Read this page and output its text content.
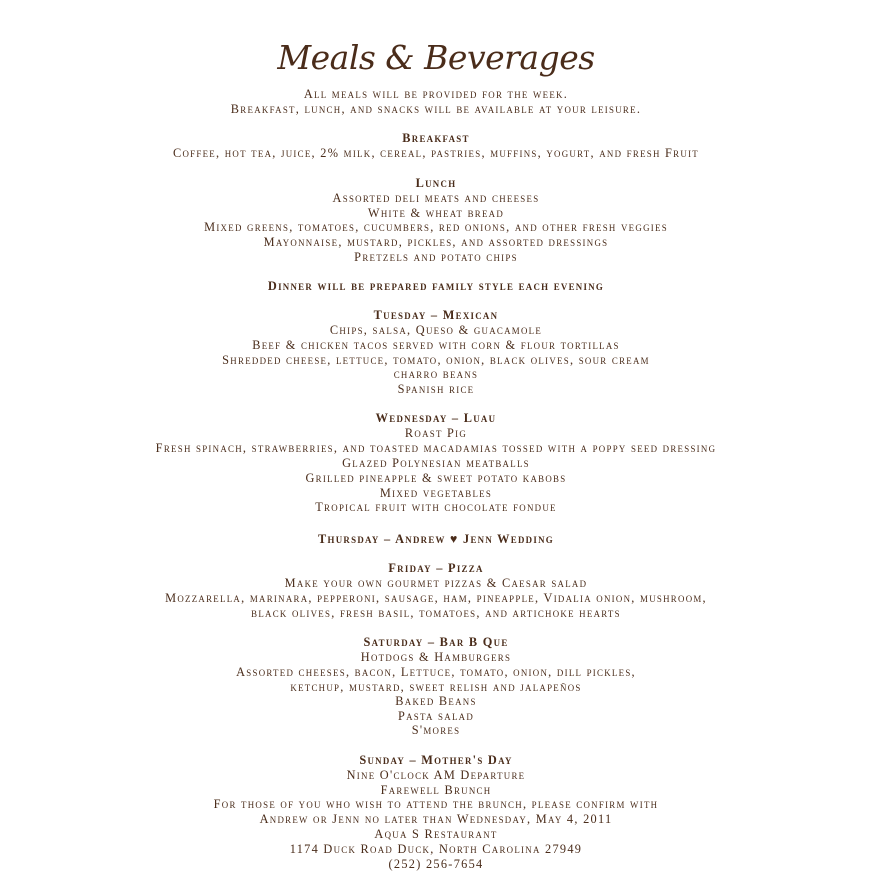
Meals & Beverages
All meals will be provided for the week.
Breakfast, lunch, and snacks will be available at your leisure.
Breakfast
Coffee, hot tea, juice, 2% milk, cereal, pastries, muffins, yogurt, and fresh Fruit
Lunch
Assorted deli meats and cheeses
White & wheat bread
Mixed greens, tomatoes, cucumbers, red onions, and other fresh veggies
Mayonnaise, mustard, pickles, and assorted dressings
Pretzels and potato chips
Dinner will be prepared family style each evening
Tuesday – Mexican
Chips, salsa, Queso & guacamole
Beef & chicken tacos served with corn & flour tortillas
Shredded cheese, lettuce, tomato, onion, black olives, sour cream
charro beans
Spanish rice
Wednesday – Luau
Roast Pig
Fresh spinach, strawberries, and toasted macadamias tossed with a poppy seed dressing
Glazed Polynesian meatballs
Grilled pineapple & sweet potato kabobs
Mixed vegetables
Tropical fruit with chocolate fondue
Thursday – Andrew ♥ Jenn Wedding
Friday – Pizza
Make your own gourmet pizzas & Caesar salad
Mozzarella, marinara, pepperoni, sausage, ham, pineapple, Vidalia onion, mushroom,
black olives, fresh basil, tomatoes, and artichoke hearts
Saturday – Bar B Que
Hotdogs & Hamburgers
Assorted cheeses, bacon, Lettuce, tomato, onion, dill pickles,
ketchup, mustard, sweet relish and jalapeños
Baked Beans
Pasta salad
S'mores
Sunday – Mother's Day
Nine O'clock AM Departure
Farewell Brunch
For those of you who wish to attend the brunch, please confirm with
Andrew or Jenn no later than Wednesday, May 4, 2011
Aqua S Restaurant
1174 Duck Road Duck, North Carolina 27949
(252) 256-7654
